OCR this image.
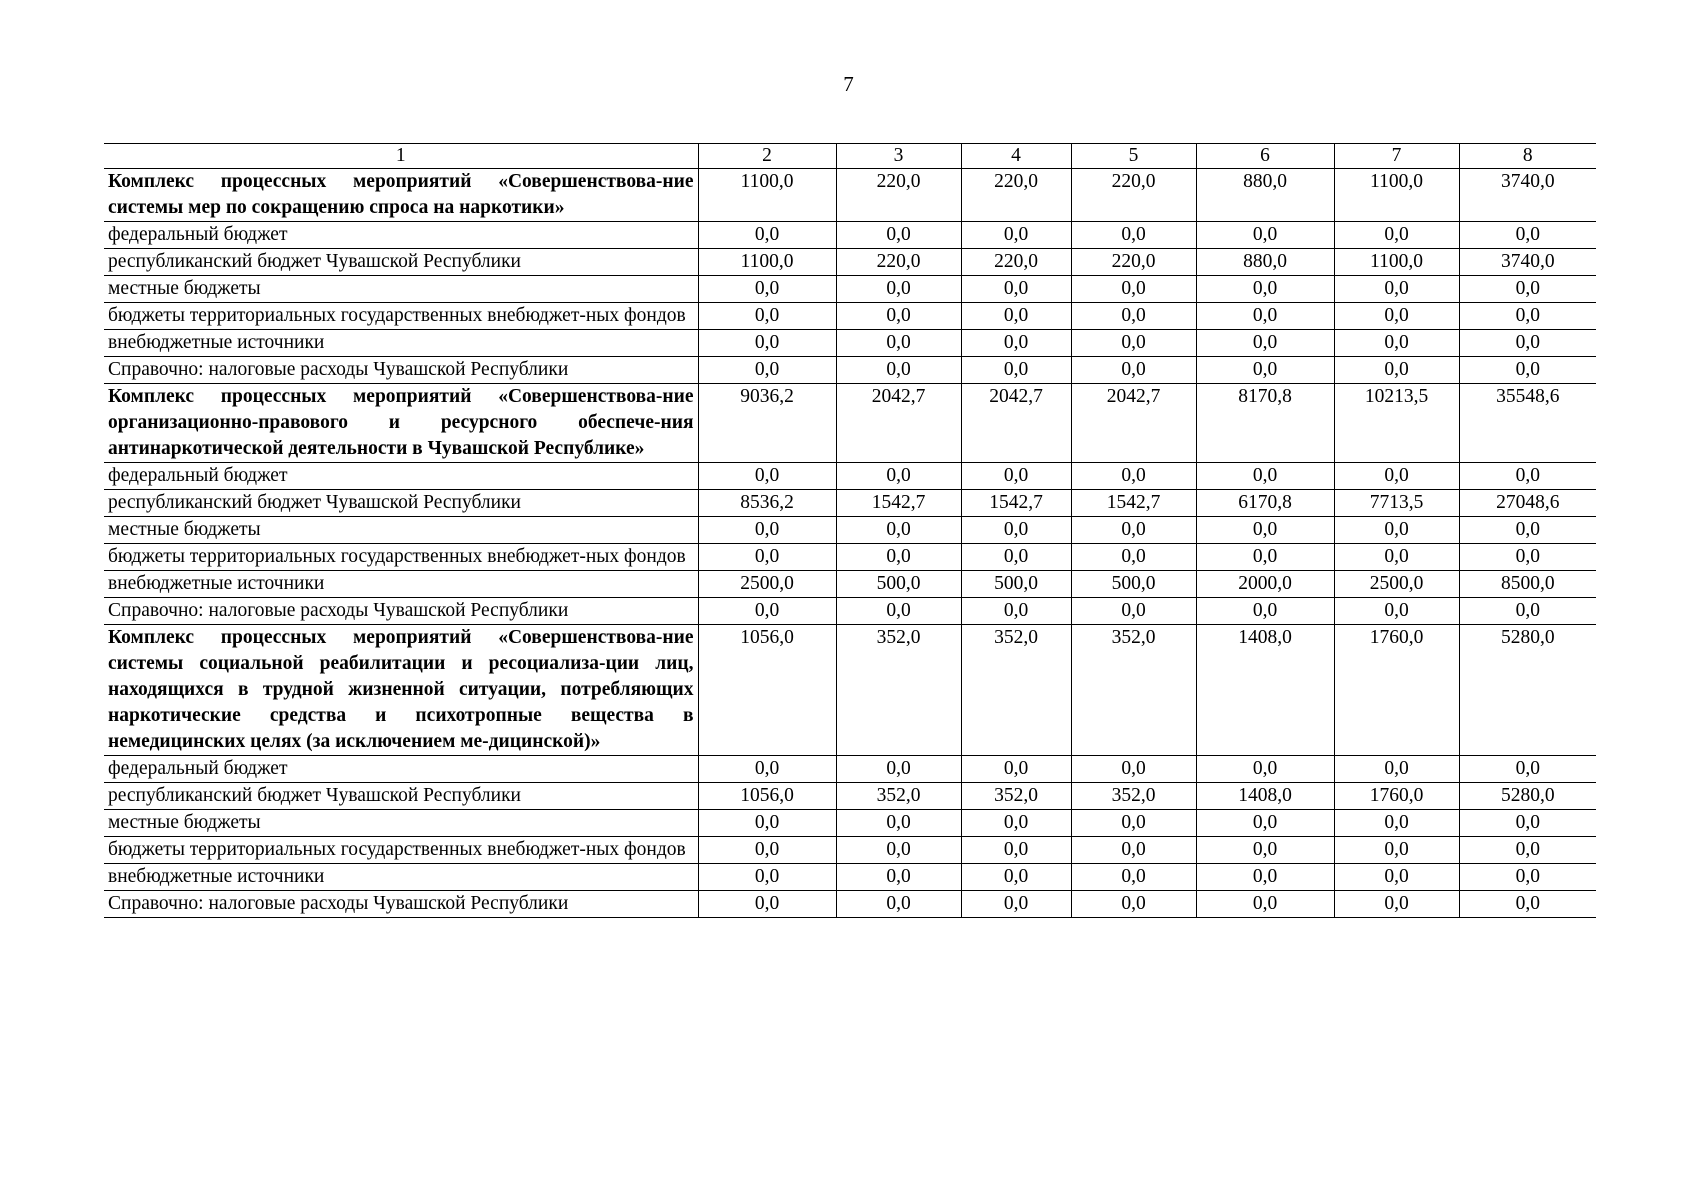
7
1	2	3	4	5	6	7	8
Комплекс процессных мероприятий «Совершенствова-ние системы мер по сокращению спроса на наркотики»	1100,0	220,0	220,0	220,0	880,0	1100,0	3740,0
федеральный бюджет	0,0	0,0	0,0	0,0	0,0	0,0	0,0
республиканский бюджет Чувашской Республики	1100,0	220,0	220,0	220,0	880,0	1100,0	3740,0
местные бюджеты	0,0	0,0	0,0	0,0	0,0	0,0	0,0
бюджеты территориальных государственных внебюджет-ных фондов	0,0	0,0	0,0	0,0	0,0	0,0	0,0
внебюджетные источники	0,0	0,0	0,0	0,0	0,0	0,0	0,0
Справочно: налоговые расходы Чувашской Республики	0,0	0,0	0,0	0,0	0,0	0,0	0,0
Комплекс процессных мероприятий «Совершенствова-ние организационно-правового и ресурсного обеспече-ния антинаркотической деятельности в Чувашской Республике»	9036,2	2042,7	2042,7	2042,7	8170,8	10213,5	35548,6
федеральный бюджет	0,0	0,0	0,0	0,0	0,0	0,0	0,0
республиканский бюджет Чувашской Республики	8536,2	1542,7	1542,7	1542,7	6170,8	7713,5	27048,6
местные бюджеты	0,0	0,0	0,0	0,0	0,0	0,0	0,0
бюджеты территориальных государственных внебюджет-ных фондов	0,0	0,0	0,0	0,0	0,0	0,0	0,0
внебюджетные источники	2500,0	500,0	500,0	500,0	2000,0	2500,0	8500,0
Справочно: налоговые расходы Чувашской Республики	0,0	0,0	0,0	0,0	0,0	0,0	0,0
Комплекс процессных мероприятий «Совершенствова-ние системы социальной реабилитации и ресоциализа-ции лиц, находящихся в трудной жизненной ситуации, потребляющих наркотические средства и психотропные вещества в немедицинских целях (за исключением ме-дицинской)»	1056,0	352,0	352,0	352,0	1408,0	1760,0	5280,0
федеральный бюджет	0,0	0,0	0,0	0,0	0,0	0,0	0,0
республиканский бюджет Чувашской Республики	1056,0	352,0	352,0	352,0	1408,0	1760,0	5280,0
местные бюджеты	0,0	0,0	0,0	0,0	0,0	0,0	0,0
бюджеты территориальных государственных внебюджет-ных фондов	0,0	0,0	0,0	0,0	0,0	0,0	0,0
внебюджетные источники	0,0	0,0	0,0	0,0	0,0	0,0	0,0
Справочно: налоговые расходы Чувашской Республики	0,0	0,0	0,0	0,0	0,0	0,0	0,0
